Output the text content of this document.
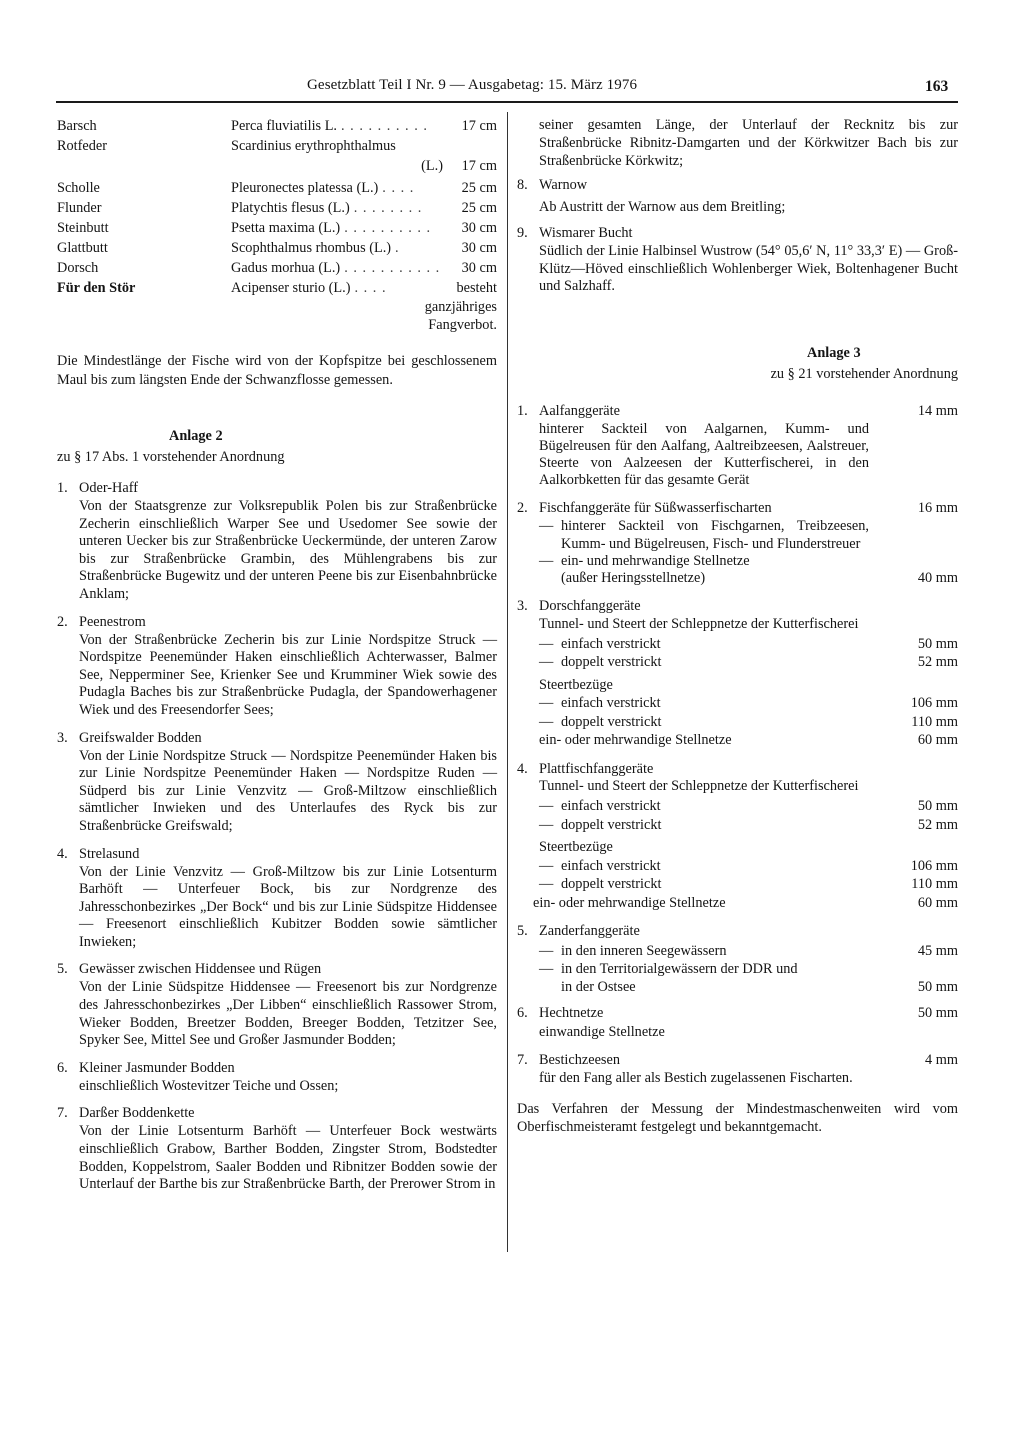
Gesetzblatt Teil I Nr. 9 — Ausgabetag: 15. März 1976	163
Barsch	Perca fluviatilis L. . . . . . . . . . .	17 cm
Rotfeder	Scardinius erythrophthalmus
(L.)	17 cm
Scholle	Pleuronectes platessa (L.) . . . .	25 cm
Flunder	Platychtis flesus (L.) . . . . . . . .	25 cm
Steinbutt	Psetta maxima (L.) . . . . . . . . . .	30 cm
Glattbutt	Scophthalmus rhombus (L.) .	30 cm
Dorsch	Gadus morhua (L.) . . . . . . . . . . .	30 cm
Für den Stör	Acipenser sturio (L.) . . . .	besteht
ganzjähriges
Fangverbot.

Die Mindestlänge der Fische wird von der Kopfspitze bei geschlossenem Maul bis zum längsten Ende der Schwanzflosse gemessen.

Anlage 2
zu § 17 Abs. 1 vorstehender Anordnung
1. Oder-Haff
Von der Staatsgrenze zur Volksrepublik Polen bis zur Straßenbrücke Zecherin einschließlich Warper See und Usedomer See sowie der unteren Uecker bis zur Straßenbrücke Ueckermünde, der unteren Zarow bis zur Straßenbrücke Grambin, des Mühlengrabens bis zur Straßenbrücke Bugewitz und der unteren Peene bis zur Eisenbahnbrücke Anklam;
2. Peenestrom
Von der Straßenbrücke Zecherin bis zur Linie Nordspitze Struck — Nordspitze Peenemünder Haken einschließlich Achterwasser, Balmer See, Nepperminer See, Krienker See und Krumminer Wiek sowie des Pudagla Baches bis zur Straßenbrücke Pudagla, der Spandowerhagener Wiek und des Freesendorfer Sees;
3. Greifswalder Bodden
Von der Linie Nordspitze Struck — Nordspitze Peenemünder Haken bis zur Linie Nordspitze Peenemünder Haken — Nordspitze Ruden — Südperd bis zur Linie Venzvitz — Groß-Miltzow einschließlich sämtlicher Inwieken und des Unterlaufes des Ryck bis zur Straßenbrücke Greifswald;
4. Strelasund
Von der Linie Venzvitz — Groß-Miltzow bis zur Linie Lotsenturm Barhöft — Unterfeuer Bock, bis zur Nordgrenze des Jahresschonbezirkes „Der Bock“ und bis zur Linie Südspitze Hiddensee — Freesenort einschließlich Kubitzer Bodden sowie sämtlicher Inwieken;
5. Gewässer zwischen Hiddensee und Rügen
Von der Linie Südspitze Hiddensee — Freesenort bis zur Nordgrenze des Jahresschonbezirkes „Der Libben“ einschließlich Rassower Strom, Wieker Bodden, Breetzer Bodden, Breeger Bodden, Tetzitzer See, Spyker See, Mittel See und Großer Jasmunder Bodden;
6. Kleiner Jasmunder Bodden
einschließlich Wostevitzer Teiche und Ossen;
7. Darßer Boddenkette
Von der Linie Lotsenturm Barhöft — Unterfeuer Bock westwärts einschließlich Grabow, Barther Bodden, Zingster Strom, Bodstedter Bodden, Koppelstrom, Saaler Bodden und Ribnitzer Bodden sowie der Unterlauf der Barthe bis zur Straßenbrücke Barth, der Prerower Strom in
seiner gesamten Länge, der Unterlauf der Recknitz bis zur Straßenbrücke Ribnitz-Damgarten und der Körkwitzer Bach bis zur Straßenbrücke Körkwitz;
8. Warnow
Ab Austritt der Warnow aus dem Breitling;
9. Wismarer Bucht
Südlich der Linie Halbinsel Wustrow (54° 05,6′ N, 11° 33,3′ E) — Groß-Klütz—Höved einschließlich Wohlenberger Wiek, Boltenhagener Bucht und Salzhaff.
Anlage 3
zu § 21 vorstehender Anordnung
1. Aalfanggeräte	14 mm
hinterer Sackteil von Aalgarnen, Kumm- und Bügelreusen für den Aalfang, Aaltreibzeesen, Aalstreuer, Steerte von Aalzeesen der Kutterfischerei, in den Aalkorbketten für das gesamte Gerät
2. Fischfanggeräte für Süßwasserfischarten	16 mm
— hinterer Sackteil von Fischgarnen, Treibzeesen, Kumm- und Bügelreusen, Fisch- und Flunderstreuer
— ein- und mehrwandige Stellnetze
(außer Heringsstellnetze)	40 mm
3. Dorschfanggeräte
Tunnel- und Steert der Schleppnetze der Kutterfischerei
— einfach verstrickt	50 mm
— doppelt verstrickt	52 mm
Steertbezüge
— einfach verstrickt	106 mm
— doppelt verstrickt	110 mm
ein- oder mehrwandige Stellnetze	60 mm
4. Plattfischfanggeräte
Tunnel- und Steert der Schleppnetze der Kutterfischerei
— einfach verstrickt	50 mm
— doppelt verstrickt	52 mm
Steertbezüge
— einfach verstrickt	106 mm
— doppelt verstrickt	110 mm
ein- oder mehrwandige Stellnetze	60 mm
5. Zanderfanggeräte
— in den inneren Seegewässern	45 mm
— in den Territorialgewässern der DDR und
in der Ostsee	50 mm
6. Hechtnetze	50 mm
einwandige Stellnetze
7. Bestichzeesen	4 mm
für den Fang aller als Bestich zugelassenen Fischarten.

Das Verfahren der Messung der Mindestmaschenweiten wird vom Oberfischmeisteramt festgelegt und bekanntgemacht.
